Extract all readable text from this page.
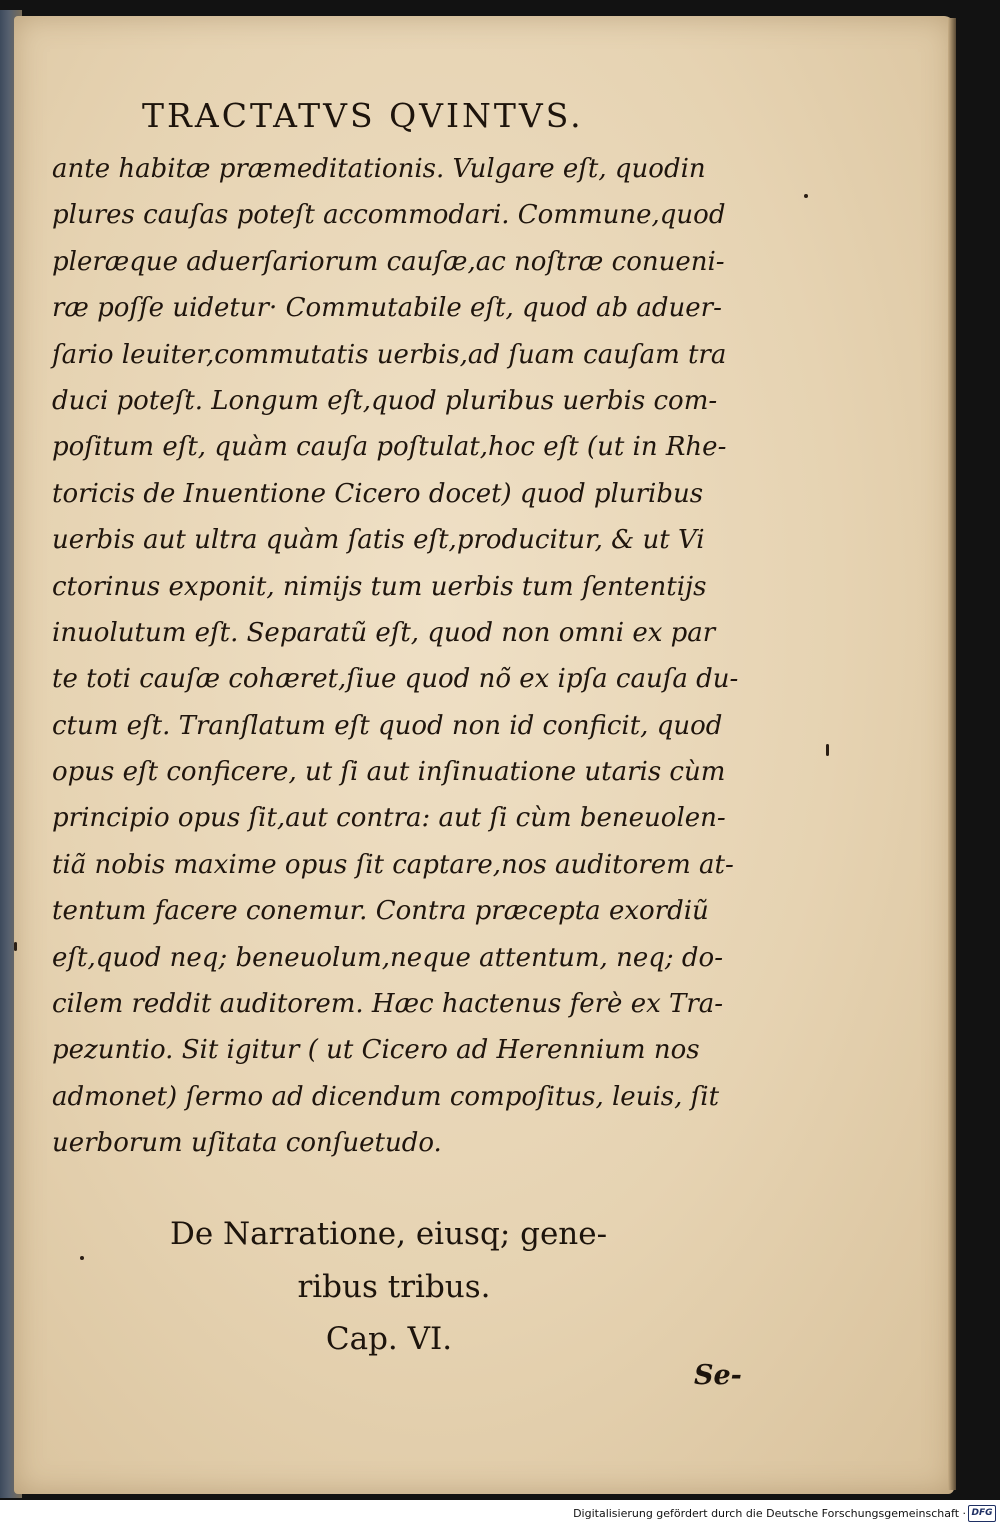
TRACTATVS QVINTVS.
ante habitæ præmeditationis. Vulgare eſt, quodin
plures cauſas poteſt accommodari. Commune,quod
pleræque aduerſariorum cauſæ,ac noſtræ conueni-
ræ poſſe uidetur· Commutabile eſt, quod ab aduer-
ſario leuiter,commutatis uerbis,ad ſuam cauſam tra
duci poteſt. Longum eſt,quod pluribus uerbis com-
poſitum eſt, quàm cauſa poſtulat,hoc eſt (ut in Rhe-
toricis de Inuentione Cicero docet) quod pluribus
uerbis aut ultra quàm ſatis eſt,producitur, & ut Vi
ctorinus exponit, nimijs tum uerbis tum ſententijs
inuolutum eſt. Separatũ eſt, quod non omni ex par
te toti cauſæ cohæret,ſiue quod nõ ex ipſa cauſa du-
ctum eſt. Tranſlatum eſt quod non id conficit, quod
opus eſt conficere, ut ſi aut inſinuatione utaris cùm
principio opus ſit,aut contra: aut ſi cùm beneuolen-
tiã nobis maxime opus ſit captare,nos auditorem at-
tentum facere conemur. Contra præcepta exordiũ
eſt,quod neq; beneuolum,neque attentum, neq; do-
cilem reddit auditorem. Hæc hactenus ferè ex Tra-
pezuntio. Sit igitur ( ut Cicero ad Herennium nos
admonet) ſermo ad dicendum compoſitus, leuis, ſit
uerborum uſitata conſuetudo.

De Narratione, eiusq; gene-

ribus tribus.

Cap. VI.

Se-

Digitalisierung gefördert durch die Deutsche Forschungsgemeinschaft · DFG
